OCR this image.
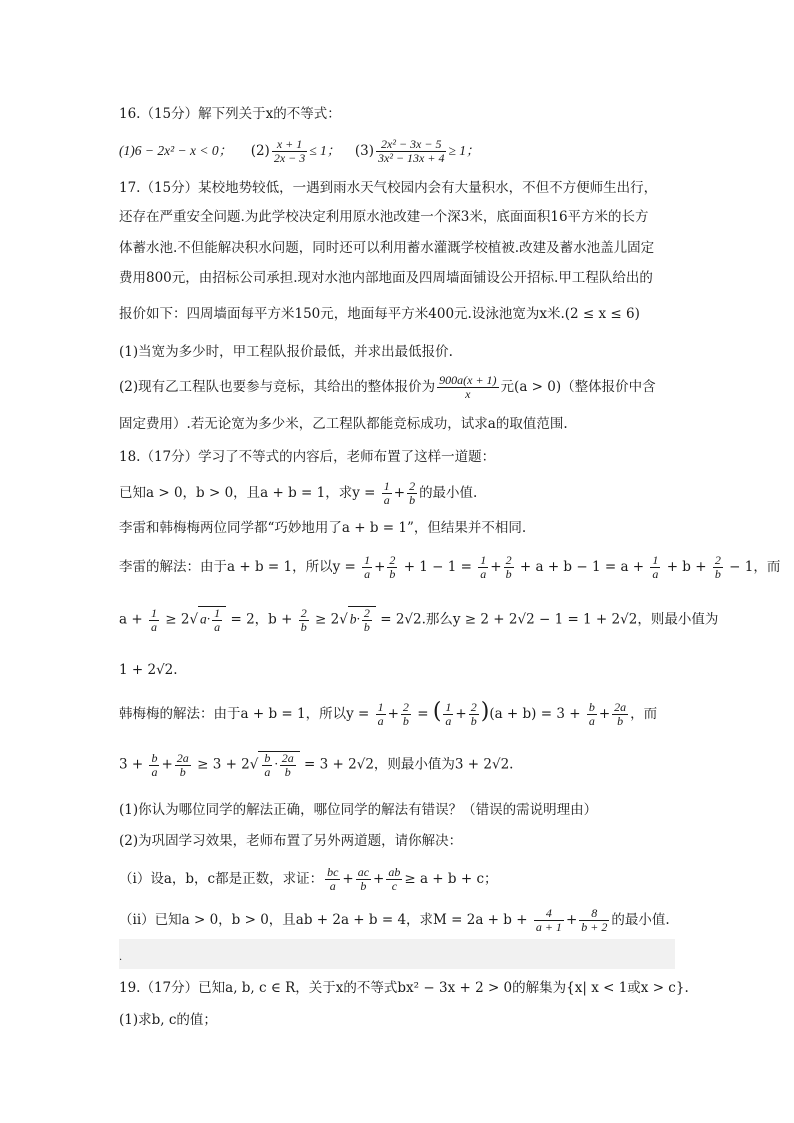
16.（15分）解下列关于x的不等式：
(1)6 − 2x² − x < 0； $(2) \frac{x + 1}{2x - 3} \le 1$； $(3) \frac{\text{2x² − 3x − 5}}{\text{3x² − 13x + 4}} \ge 1$；
17.（15分）某校地势较低，一遇到雨水天气校园内会有大量积水，不但不方便师生出行，
还存在严重安全问题.为此学校决定利用原水池改建一个深3米，底面面积16平方米的长方
体蓄水池.不但能解决积水问题，同时还可以利用蓄水灌溉学校植被.改建及蓄水池盖儿固定
费用800元，由招标公司承担.现对水池内部地面及四周墙面铺设公开招标.甲工程队给出的
报价如下：四周墙面每平方米150元，地面每平方米400元.设泳池宽为x米.(2 ≤ x ≤ 6)
(1)当宽为多少时，甲工程队报价最低，并求出最低报价.
(2)现有乙工程队也要参与竞标，其给出的整体报价为 $\frac{900a(x + 1)}{x}$ 元(a > 0)（整体报价中含
固定费用）.若无论宽为多少米，乙工程队都能竞标成功，试求a的取值范围.
18.（17分）学习了不等式的内容后，老师布置了这样一道题：
已知a > 0，b > 0，且a + b = 1，求$y = \frac{1}{a} + \frac{2}{b}$ 的最小值.
李雷和韩梅梅两位同学都“巧妙地用了a + b = 1”，但结果并不相同.
李雷的解法：由于a + b = 1，所以$y = \frac{1}{a} + \frac{2}{b} + 1 - 1 = \frac{1}{a} + \frac{2}{b} + a + b - 1 = a + \frac{1}{a} + b + \frac{2}{b} - 1$，而
$a + \frac{1}{a} \ge 2√$ $a\cdot \frac{1}{a} = 2$，$b + \frac{2}{b} \ge 2√$ $b\cdot \frac{2}{b} = 2√2$.那么y ≥ 2 + 2√2 − 1 = 1 + 2√2，则最小值为
1 + 2√2.
韩梅梅的解法：由于a + b = 1，所以$y = \frac{1}{a} + \frac{2}{b}$ = ( $\frac{1}{a} + \frac{2}{b} )(a + b) = 3 + \frac{b}{a} + \frac{2a}{b}$ ，而
$3 + \frac{b}{a} + \frac{2a}{b} \ge 3 + 2√ \frac{b}{a} \cdot \frac{2a}{b} = 3 + 2√2$，则最小值为3 + 2√2.
(1)你认为哪位同学的解法正确，哪位同学的解法有错误？（错误的需说明理由）
(2)为巩固学习效果，老师布置了另外两道题，请你解决：
（i）设a，b，c都是正数，求证： $\frac{bc}{a} + \frac{ac}{b} + \frac{ab}{c} \ge a + b + c$；
（ii）已知a > 0，b > 0，且ab + 2a + b = 4，求$M = 2a + b + \frac{4}{a + 1} + \frac{8}{b + 2}$ 的最小值.
.
19.（17分）已知a, b, c ∈ R，关于x的不等式bx² − 3x + 2 > 0的解集为{x| x < 1或x > c}.
(1)求b, c的值；
